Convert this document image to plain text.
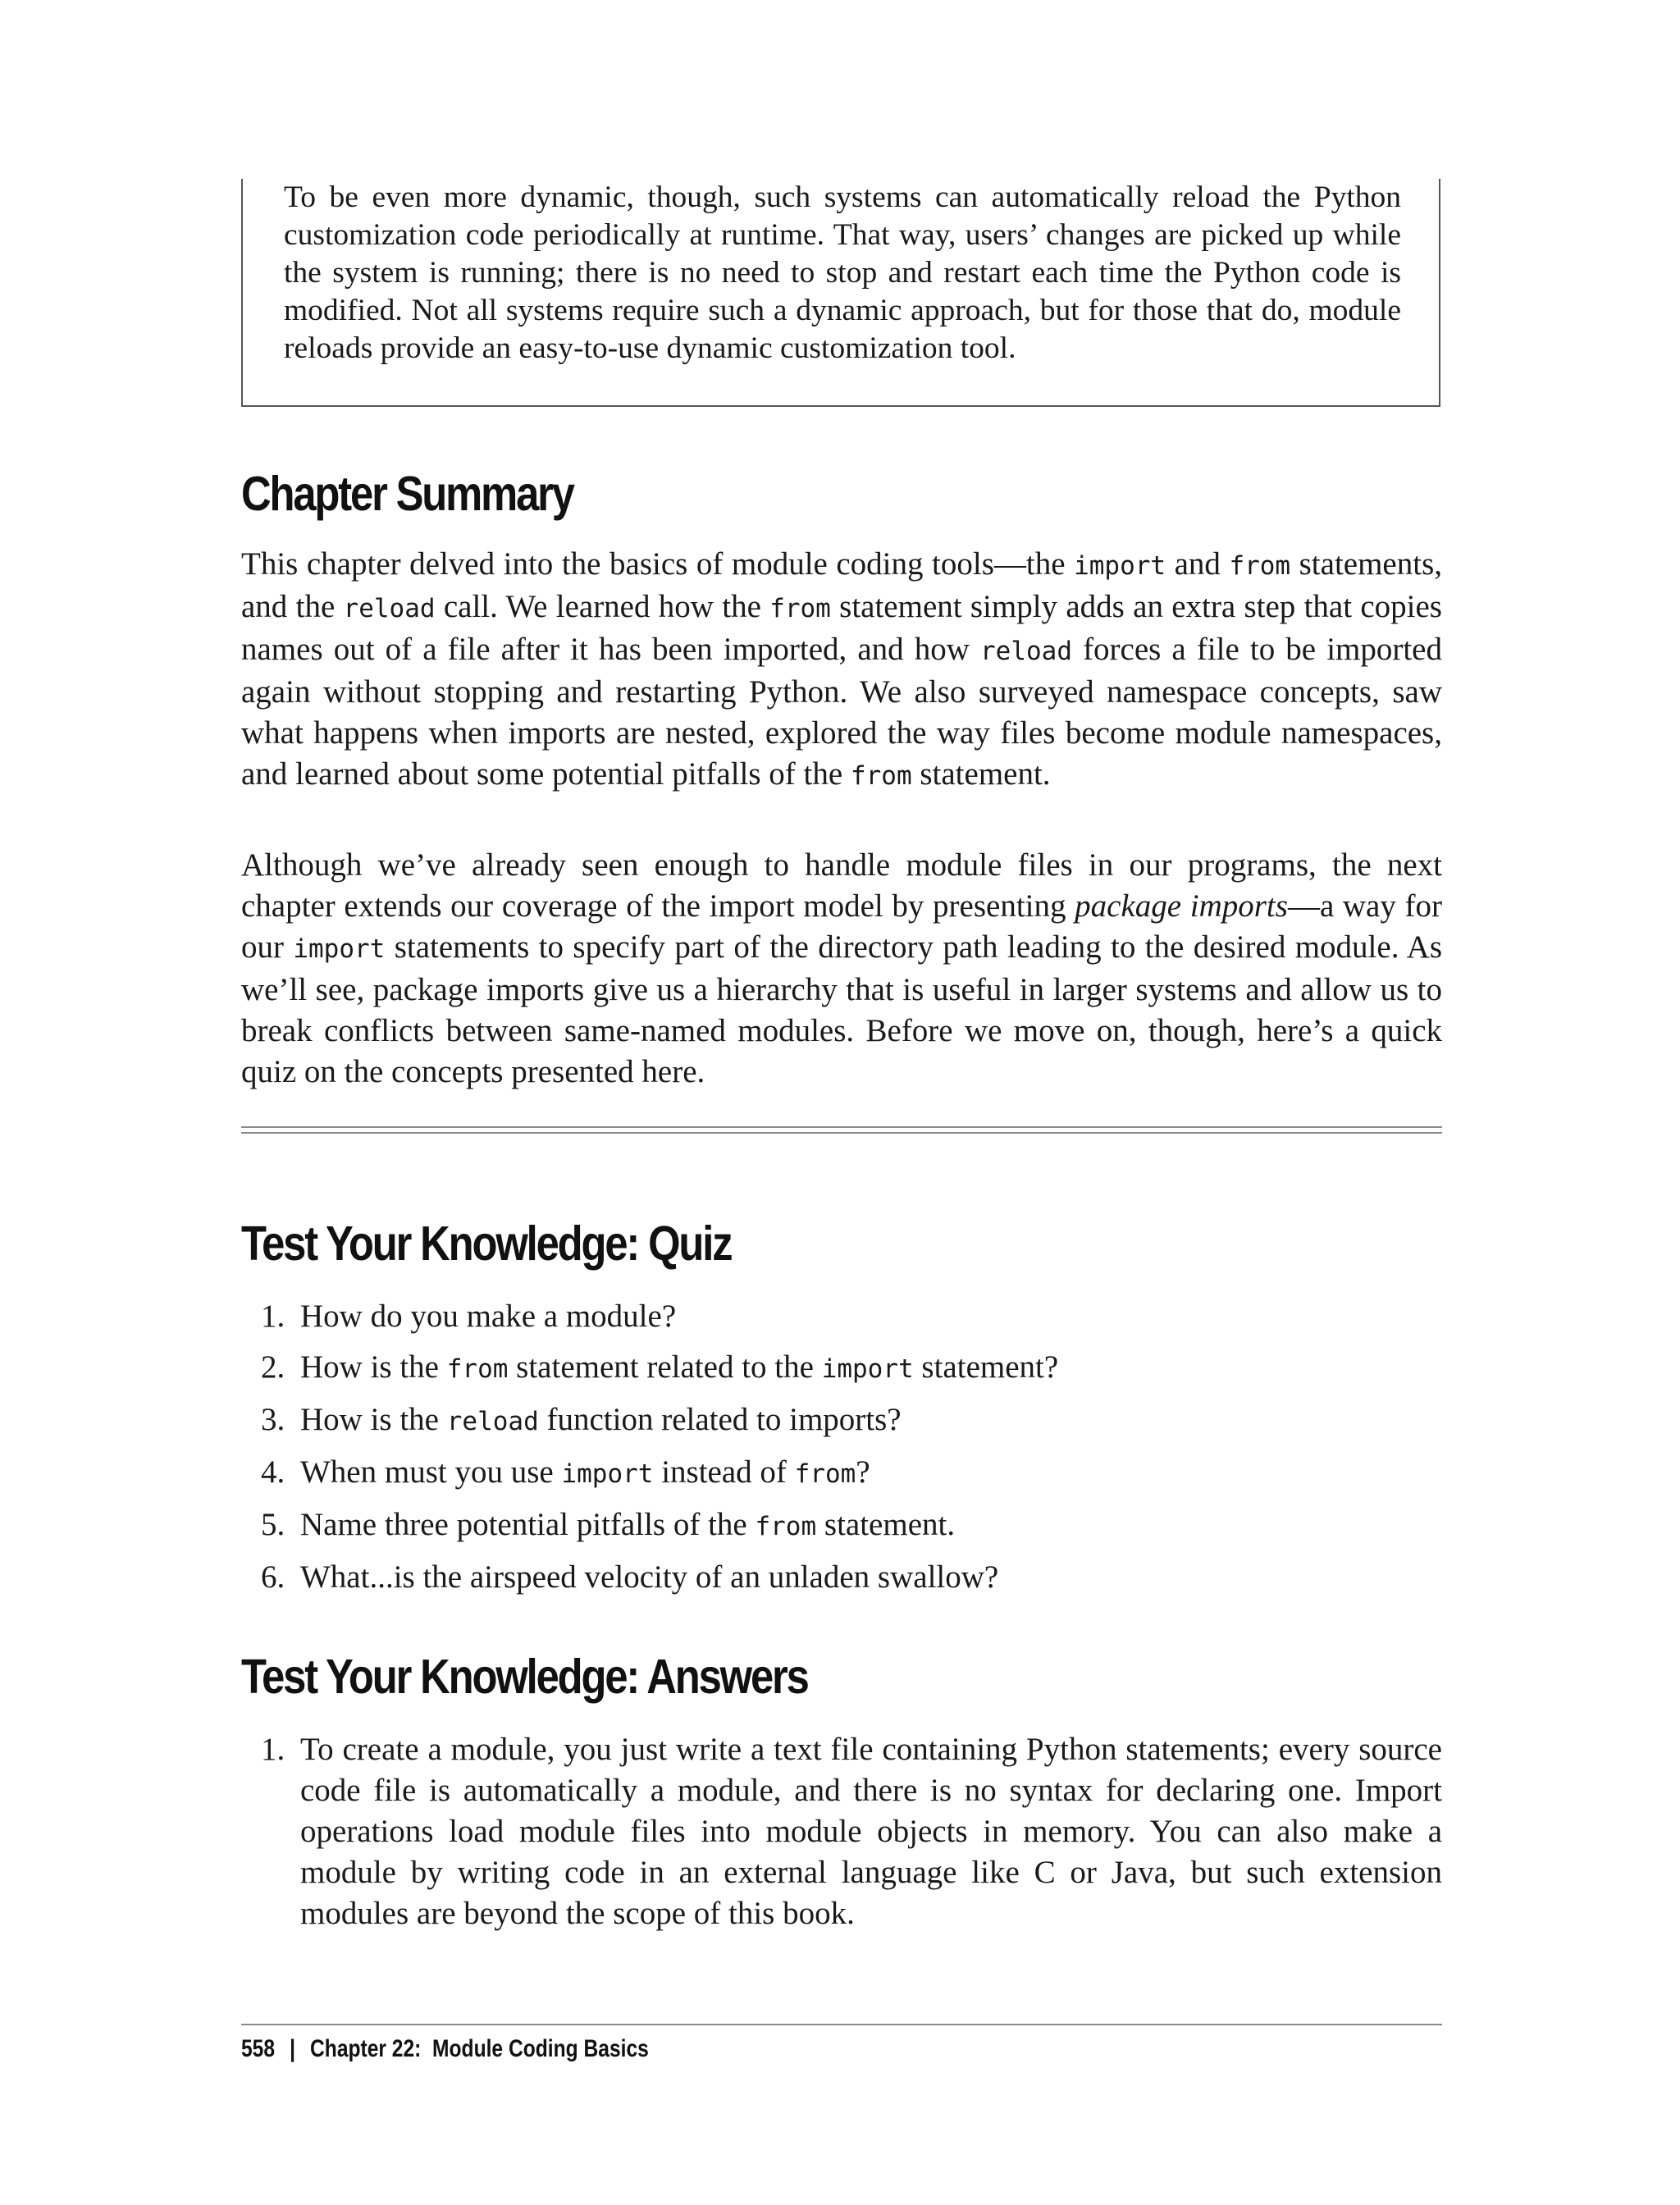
To be even more dynamic, though, such systems can automatically reload the Python customization code periodically at runtime. That way, users’ changes are picked up while the system is running; there is no need to stop and restart each time the Python code is modified. Not all systems require such a dynamic approach, but for those that do, module reloads provide an easy-to-use dynamic customization tool.

Chapter Summary

This chapter delved into the basics of module coding tools—the import and from statements, and the reload call. We learned how the from statement simply adds an extra step that copies names out of a file after it has been imported, and how reload forces a file to be imported again without stopping and restarting Python. We also surveyed namespace concepts, saw what happens when imports are nested, explored the way files become module namespaces, and learned about some potential pitfalls of the from statement.

Although we’ve already seen enough to handle module files in our programs, the next chapter extends our coverage of the import model by presenting package imports—a way for our import statements to specify part of the directory path leading to the desired module. As we’ll see, package imports give us a hierarchy that is useful in larger systems and allow us to break conflicts between same-named modules. Before we move on, though, here’s a quick quiz on the concepts presented here.

Test Your Knowledge: Quiz
1. How do you make a module?
2. How is the from statement related to the import statement?
3. How is the reload function related to imports?
4. When must you use import instead of from?
5. Name three potential pitfalls of the from statement.
6. What...is the airspeed velocity of an unladen swallow?
Test Your Knowledge: Answers
1. To create a module, you just write a text file containing Python statements; every source code file is automatically a module, and there is no syntax for declaring one. Import operations load module files into module objects in memory. You can also make a module by writing code in an external language like C or Java, but such extension modules are beyond the scope of this book.
558 | Chapter 22:  Module Coding Basics
